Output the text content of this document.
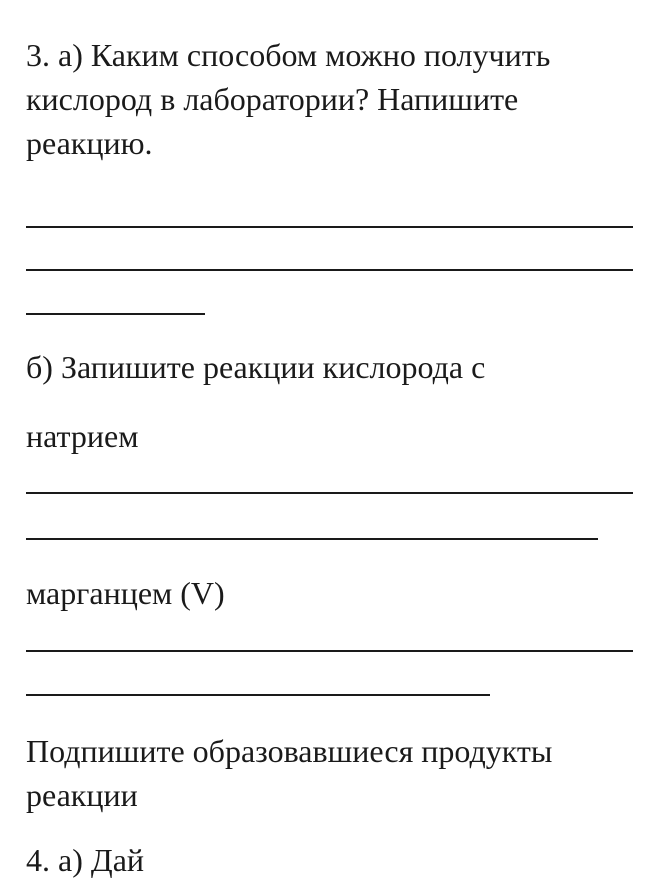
3. а) Каким способом можно получить

кислород в лаборатории? Напишите

реакцию.

б) Запишите реакции кислорода с

натрием

марганцем (V)

Подпишите образовавшиеся продукты

реакции

4. а) Дай
